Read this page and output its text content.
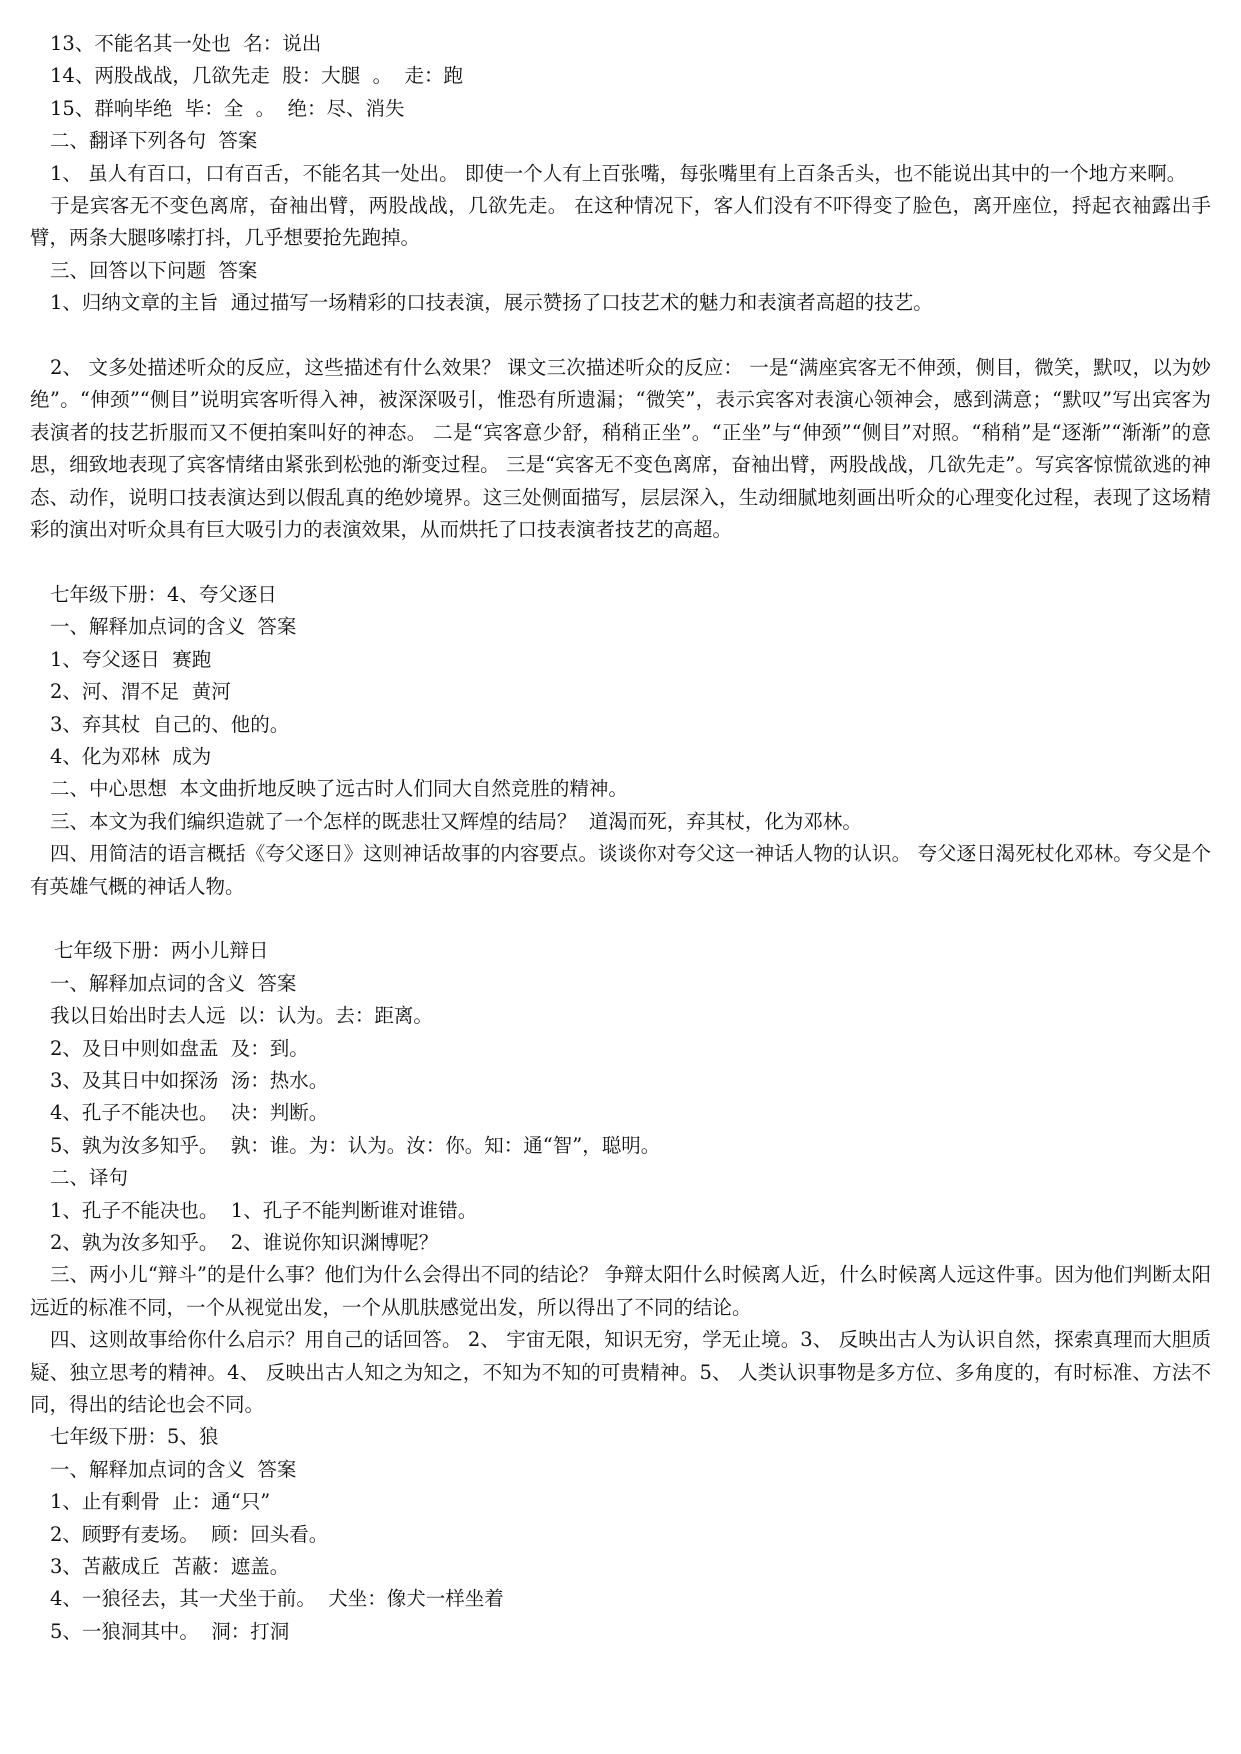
13、不能名其一处也  名：说出

14、两股战战，几欲先走  股：大腿  。  走：跑

15、群响毕绝  毕：全  。  绝：尽、消失

二、翻译下列各句  答案

1、 虽人有百口，口有百舌，不能名其一处出。 即使一个人有上百张嘴，每张嘴里有上百条舌头，也不能说出其中的一个地方来啊。

于是宾客无不变色离席，奋袖出臂，两股战战，几欲先走。 在这种情况下，客人们没有不吓得变了脸色，离开座位，捋起衣袖露出手臂，两条大腿哆嗦打抖，几乎想要抢先跑掉。

三、回答以下问题  答案

1、归纳文章的主旨  通过描写一场精彩的口技表演，展示赞扬了口技艺术的魅力和表演者高超的技艺。

2、 文多处描述听众的反应，这些描述有什么效果？ 课文三次描述听众的反应： 一是“满座宾客无不伸颈，侧目，微笑，默叹，以为妙绝”。“伸颈”“侧目”说明宾客听得入神，被深深吸引，惟恐有所遗漏；“微笑”，表示宾客对表演心领神会，感到满意；“默叹”写出宾客为表演者的技艺折服而又不便拍案叫好的神态。 二是“宾客意少舒，稍稍正坐”。“正坐”与“伸颈”“侧目”对照。“稍稍”是“逐渐”“渐渐”的意思，细致地表现了宾客情绪由紧张到松弛的渐变过程。 三是“宾客无不变色离席，奋袖出臂，两股战战，几欲先走”。写宾客惊慌欲逃的神态、动作，说明口技表演达到以假乱真的绝妙境界。这三处侧面描写，层层深入，生动细腻地刻画出听众的心理变化过程，表现了这场精彩的演出对听众具有巨大吸引力的表演效果，从而烘托了口技表演者技艺的高超。

七年级下册：4、夸父逐日

一、解释加点词的含义  答案

1、夸父逐日  赛跑

2、河、渭不足  黄河

3、弃其杖  自己的、他的。

4、化为邓林  成为

二、中心思想  本文曲折地反映了远古时人们同大自然竞胜的精神。

三、本文为我们编织造就了一个怎样的既悲壮又辉煌的结局？  道渴而死，弃其杖，化为邓林。

四、用简洁的语言概括《夸父逐日》这则神话故事的内容要点。谈谈你对夸父这一神话人物的认识。 夸父逐日渴死杖化邓林。夸父是个有英雄气概的神话人物。

七年级下册：两小儿辩日

一、解释加点词的含义  答案

我以日始出时去人远  以：认为。去：距离。

2、及日中则如盘盂  及：到。

3、及其日中如探汤  汤：热水。

4、孔子不能决也。  决：判断。

5、孰为汝多知乎。  孰：谁。为：认为。汝：你。知：通“智”，聪明。

二、译句

1、孔子不能决也。  1、孔子不能判断谁对谁错。

2、孰为汝多知乎。  2、谁说你知识渊博呢？

三、两小儿“辩斗”的是什么事？他们为什么会得出不同的结论？ 争辩太阳什么时候离人近，什么时候离人远这件事。因为他们判断太阳远近的标准不同，一个从视觉出发，一个从肌肤感觉出发，所以得出了不同的结论。

四、这则故事给你什么启示？用自己的话回答。 2、 宇宙无限，知识无穷，学无止境。3、 反映出古人为认识自然，探索真理而大胆质疑、独立思考的精神。4、 反映出古人知之为知之，不知为不知的可贵精神。5、 人类认识事物是多方位、多角度的，有时标准、方法不同，得出的结论也会不同。

七年级下册：5、狼

一、解释加点词的含义  答案

1、止有剩骨  止：通“只”

2、顾野有麦场。  顾：回头看。

3、苫蔽成丘  苫蔽：遮盖。

4、一狼径去，其一犬坐于前。  犬坐：像犬一样坐着

5、一狼洞其中。  洞：打洞
